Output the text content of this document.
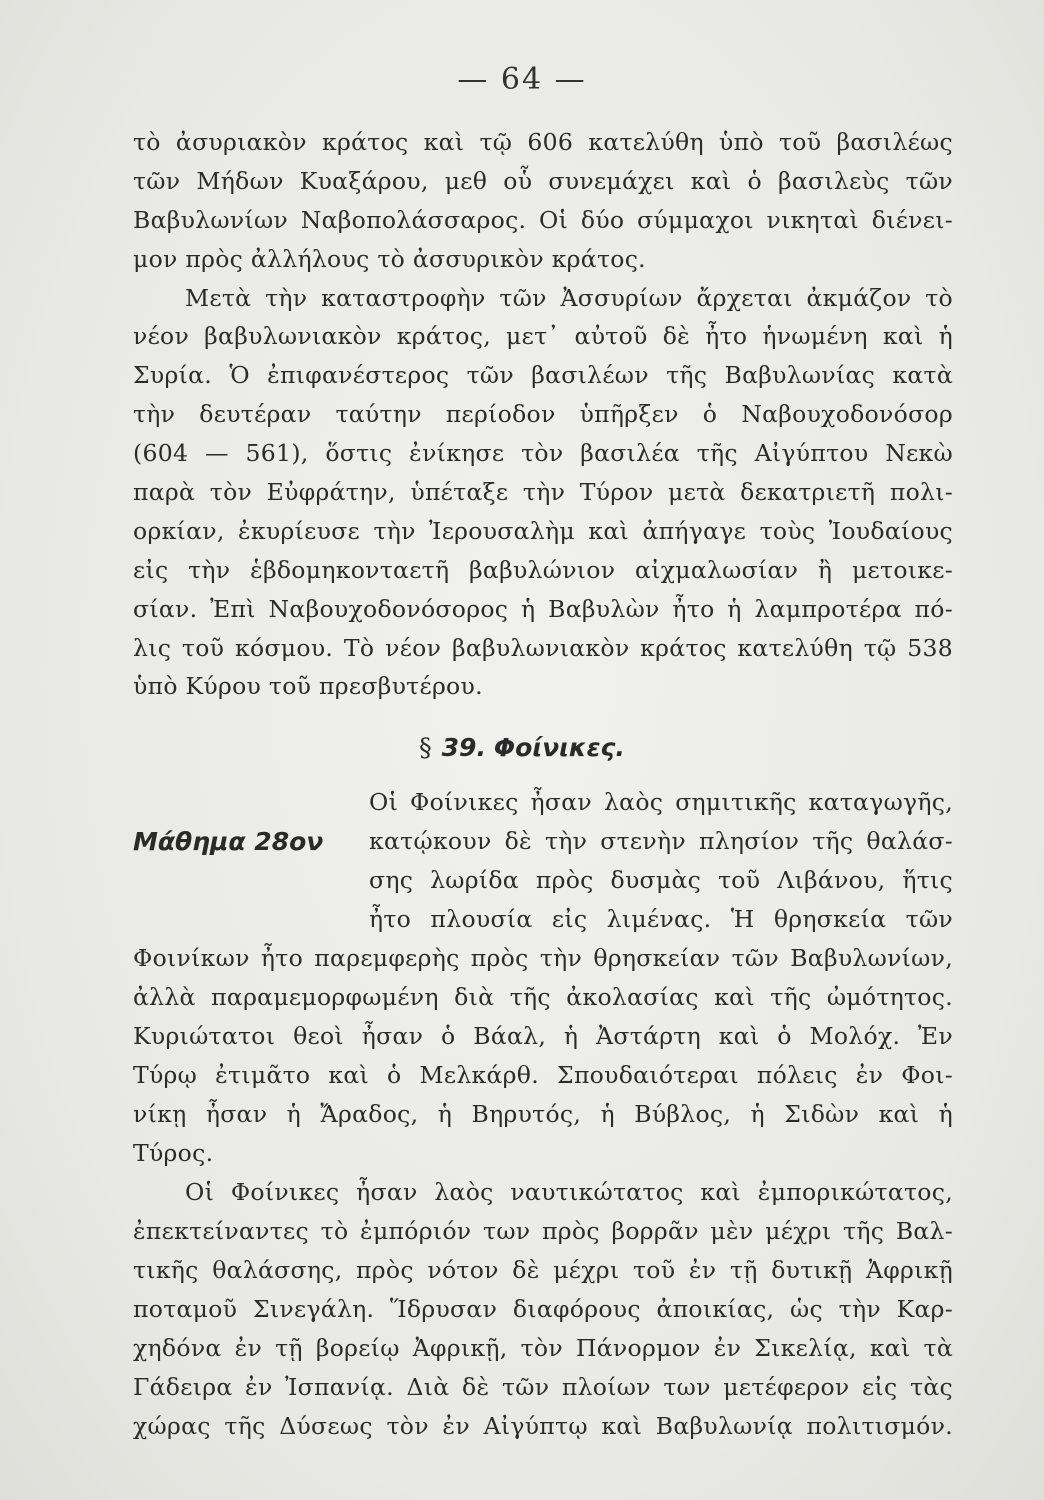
— 64 —
τὸ ἀσυριακὸν κράτος καὶ τῷ 606 κατελύθη ὑπὸ τοῦ βασιλέως
τῶν Μήδων Κυαξάρου, μεθ οὗ συνεμάχει καὶ ὁ βασιλεὺς τῶν
Βαβυλωνίων Ναβοπολάσσαρος. Οἱ δύο σύμμαχοι νικηταὶ διένει-
μον πρὸς ἀλλήλους τὸ ἀσσυρικὸν κράτος.
Μετὰ τὴν καταστροφὴν τῶν Ἀσσυρίων ἄρχεται ἀκμάζον τὸ
νέον βαβυλωνιακὸν κράτος, μετ᾽ αὐτοῦ δὲ ἦτο ἡνωμένη καὶ ἡ
Συρία. Ὁ ἐπιφανέστερος τῶν βασιλέων τῆς Βαβυλωνίας κατὰ
τὴν δευτέραν ταύτην περίοδον ὑπῆρξεν ὁ Ναβουχοδονόσορ
(604 — 561), ὅστις ἐνίκησε τὸν βασιλέα τῆς Αἰγύπτου Νεκὼ
παρὰ τὸν Εὐφράτην, ὑπέταξε τὴν Τύρον μετὰ δεκατριετῆ πολι-
ορκίαν, ἐκυρίευσε τὴν Ἰερουσαλὴμ καὶ ἀπήγαγε τοὺς Ἰουδαίους
εἰς τὴν ἑβδομηκονταετῆ βαβυλώνιον αἰχμαλωσίαν ἢ μετοικε-
σίαν. Ἐπὶ Ναβουχοδονόσορος ἡ Βαβυλὼν ἦτο ἡ λαμπροτέρα πό-
λις τοῦ κόσμου. Τὸ νέον βαβυλωνιακὸν κράτος κατελύθη τῷ 538
ὑπὸ Κύρου τοῦ πρεσβυτέρου.
§ 39. Φοίνικες.
Μάθημα 28ον
Οἱ Φοίνικες ἦσαν λαὸς σημιτικῆς καταγωγῆς,
κατῴκουν δὲ τὴν στενὴν πλησίον τῆς θαλάσ-
σης λωρίδα πρὸς δυσμὰς τοῦ Λιβάνου, ἥτις
ἦτο πλουσία εἰς λιμένας. Ἡ θρησκεία τῶν
Φοινίκων ἦτο παρεμφερὴς πρὸς τὴν θρησκείαν τῶν Βαβυλωνίων,
ἀλλὰ παραμεμορφωμένη διὰ τῆς ἀκολασίας καὶ τῆς ὠμότητος.
Κυριώτατοι θεοὶ ἦσαν ὁ Βάαλ, ἡ Ἀστάρτη καὶ ὁ Μολόχ. Ἐν
Τύρῳ ἐτιμᾶτο καὶ ὁ Μελκάρθ. Σπουδαιότεραι πόλεις ἐν Φοι-
νίκῃ ἦσαν ἡ Ἄραδος, ἡ Βηρυτός, ἡ Βύβλος, ἡ Σιδὼν καὶ ἡ
Τύρος.
Οἱ Φοίνικες ἦσαν λαὸς ναυτικώτατος καὶ ἐμπορικώτατος,
ἐπεκτείναντες τὸ ἐμπόριόν των πρὸς βορρᾶν μὲν μέχρι τῆς Βαλ-
τικῆς θαλάσσης, πρὸς νότον δὲ μέχρι τοῦ ἐν τῇ δυτικῇ Ἀφρικῇ
ποταμοῦ Σινεγάλη. Ἵδρυσαν διαφόρους ἀποικίας, ὡς τὴν Καρ-
χηδόνα ἐν τῇ βορείῳ Ἀφρικῇ, τὸν Πάνορμον ἐν Σικελίᾳ, καὶ τὰ
Γάδειρα ἐν Ἰσπανίᾳ. Διὰ δὲ τῶν πλοίων των μετέφερον εἰς τὰς
χώρας τῆς Δύσεως τὸν ἐν Αἰγύπτῳ καὶ Βαβυλωνίᾳ πολιτισμόν.
